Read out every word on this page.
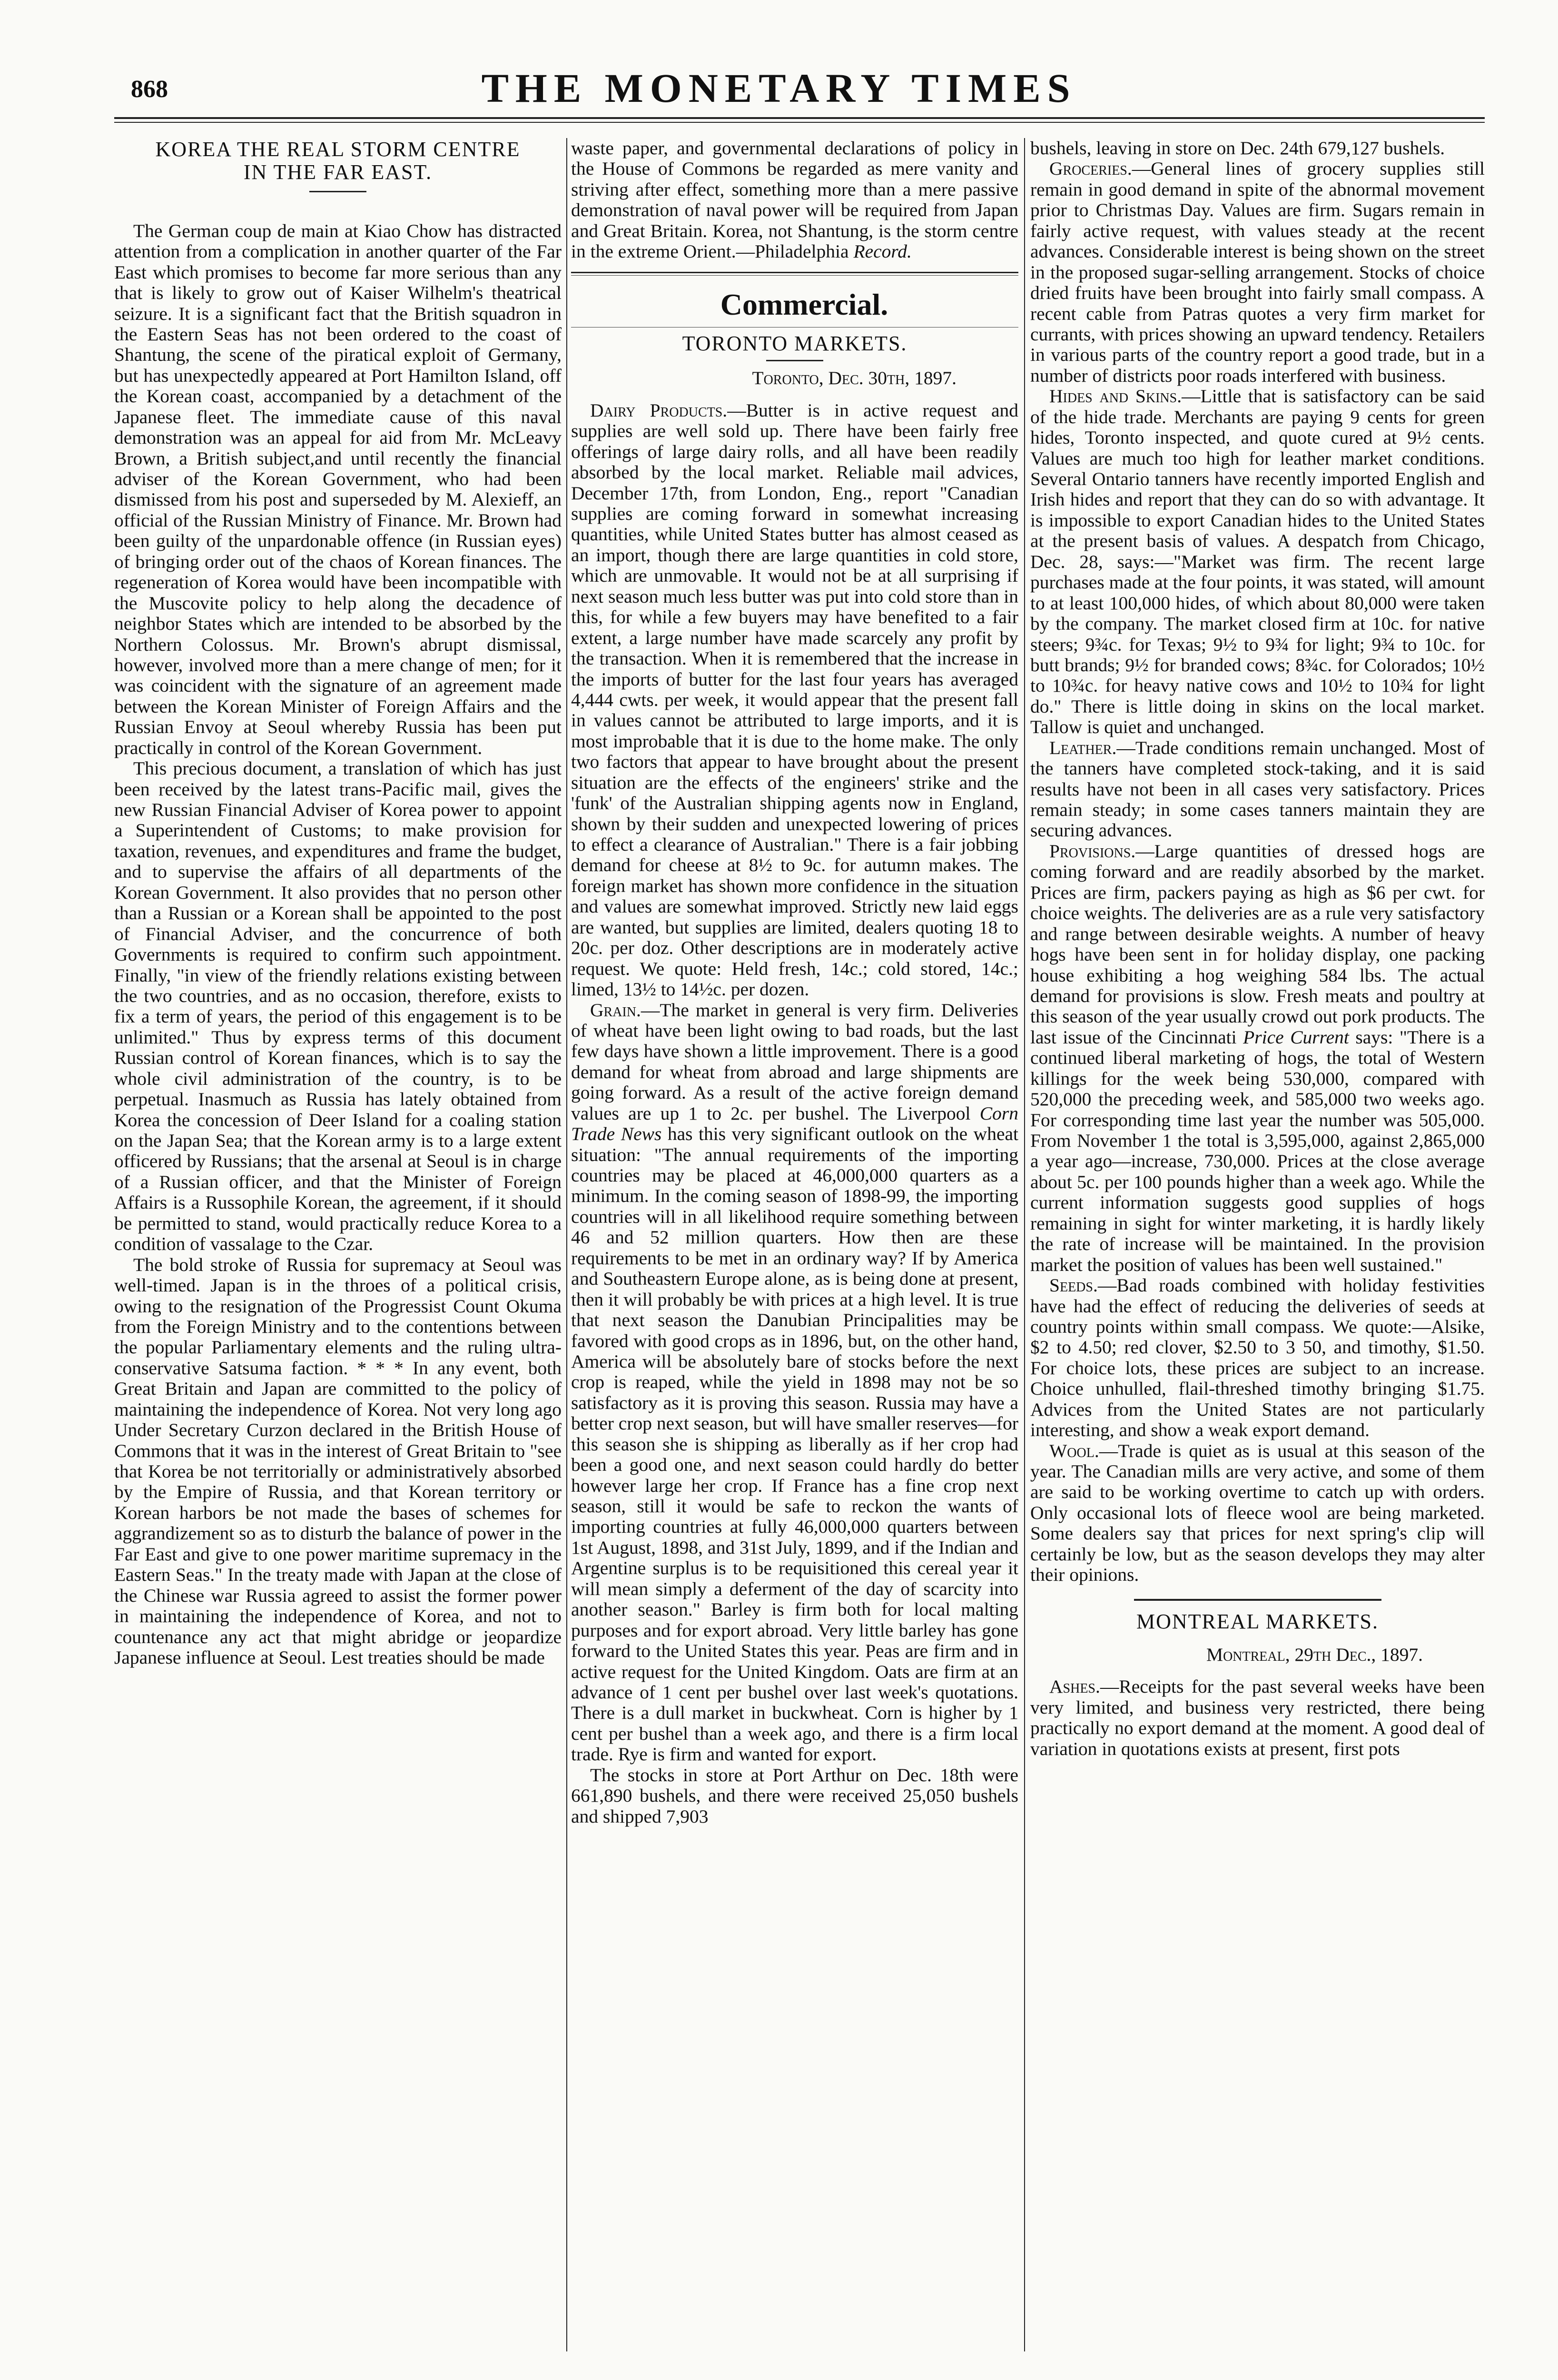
868	THE MONETARY TIMES

KOREA THE REAL STORM CENTRE

IN THE FAR EAST.

The German coup de main at Kiao Chow has distracted attention from a complication in another quarter of the Far East which promises to become far more serious than any that is likely to grow out of Kaiser Wilhelm's theatrical seizure. It is a significant fact that the British squadron in the Eastern Seas has not been ordered to the coast of Shantung, the scene of the piratical exploit of Germany, but has unexpectedly appeared at Port Hamilton Island, off the Korean coast, accompanied by a detachment of the Japanese fleet. The immediate cause of this naval demonstration was an appeal for aid from Mr. McLeavy Brown, a British subject,and until recently the financial adviser of the Korean Government, who had been dismissed from his post and superseded by M. Alexieff, an official of the Russian Ministry of Finance. Mr. Brown had been guilty of the unpardonable offence (in Russian eyes) of bringing order out of the chaos of Korean finances. The regeneration of Korea would have been incompatible with the Muscovite policy to help along the decadence of neighbor States which are intended to be absorbed by the Northern Colossus. Mr. Brown's abrupt dismissal, however, involved more than a mere change of men; for it was coincident with the signature of an agreement made between the Korean Minister of Foreign Affairs and the Russian Envoy at Seoul whereby Russia has been put practically in control of the Korean Government.

This precious document, a translation of which has just been received by the latest trans-Pacific mail, gives the new Russian Financial Adviser of Korea power to appoint a Superintendent of Customs; to make provision for taxation, revenues, and expenditures and frame the budget, and to supervise the affairs of all departments of the Korean Government. It also provides that no person other than a Russian or a Korean shall be appointed to the post of Financial Adviser, and the concurrence of both Governments is required to confirm such appointment. Finally, "in view of the friendly relations existing between the two countries, and as no occasion, therefore, exists to fix a term of years, the period of this engagement is to be unlimited." Thus by express terms of this document Russian control of Korean finances, which is to say the whole civil administration of the country, is to be perpetual. Inasmuch as Russia has lately obtained from Korea the concession of Deer Island for a coaling station on the Japan Sea; that the Korean army is to a large extent officered by Russians; that the arsenal at Seoul is in charge of a Russian officer, and that the Minister of Foreign Affairs is a Russophile Korean, the agreement, if it should be permitted to stand, would practically reduce Korea to a condition of vassalage to the Czar.

The bold stroke of Russia for supremacy at Seoul was well-timed. Japan is in the throes of a political crisis, owing to the resignation of the Progressist Count Okuma from the Foreign Ministry and to the contentions between the popular Parliamentary elements and the ruling ultra-conservative Satsuma faction. * * * In any event, both Great Britain and Japan are committed to the policy of maintaining the independence of Korea. Not very long ago Under Secretary Curzon declared in the British House of Commons that it was in the interest of Great Britain to "see that Korea be not territorially or administratively absorbed by the Empire of Russia, and that Korean territory or Korean harbors be not made the bases of schemes for aggrandizement so as to disturb the balance of power in the Far East and give to one power maritime supremacy in the Eastern Seas." In the treaty made with Japan at the close of the Chinese war Russia agreed to assist the former power in maintaining the independence of Korea, and not to countenance any act that might abridge or jeopardize Japanese influence at Seoul. Lest treaties should be made

waste paper, and governmental declarations of policy in the House of Commons be regarded as mere vanity and striving after effect, something more than a mere passive demonstration of naval power will be required from Japan and Great Britain. Korea, not Shantung, is the storm centre in the extreme Orient.—Philadelphia Record.

Commercial.

TORONTO MARKETS.

Toronto, Dec. 30th, 1897.

Dairy Products.—Butter is in active request and supplies are well sold up. There have been fairly free offerings of large dairy rolls, and all have been readily absorbed by the local market. Reliable mail advices, December 17th, from London, Eng., report "Canadian supplies are coming forward in somewhat increasing quantities, while United States butter has almost ceased as an import, though there are large quantities in cold store, which are unmovable. It would not be at all surprising if next season much less butter was put into cold store than in this, for while a few buyers may have benefited to a fair extent, a large number have made scarcely any profit by the transaction. When it is remembered that the increase in the imports of butter for the last four years has averaged 4,444 cwts. per week, it would appear that the present fall in values cannot be attributed to large imports, and it is most improbable that it is due to the home make. The only two factors that appear to have brought about the present situation are the effects of the engineers' strike and the 'funk' of the Australian shipping agents now in England, shown by their sudden and unexpected lowering of prices to effect a clearance of Australian." There is a fair jobbing demand for cheese at 8½ to 9c. for autumn makes. The foreign market has shown more confidence in the situation and values are somewhat improved. Strictly new laid eggs are wanted, but supplies are limited, dealers quoting 18 to 20c. per doz. Other descriptions are in moderately active request. We quote: Held fresh, 14c.; cold stored, 14c.; limed, 13½ to 14½c. per dozen.

Grain.—The market in general is very firm. Deliveries of wheat have been light owing to bad roads, but the last few days have shown a little improvement. There is a good demand for wheat from abroad and large shipments are going forward. As a result of the active foreign demand values are up 1 to 2c. per bushel. The Liverpool Corn Trade News has this very significant outlook on the wheat situation: "The annual requirements of the importing countries may be placed at 46,000,000 quarters as a minimum. In the coming season of 1898-99, the importing countries will in all likelihood require something between 46 and 52 million quarters. How then are these requirements to be met in an ordinary way? If by America and Southeastern Europe alone, as is being done at present, then it will probably be with prices at a high level. It is true that next season the Danubian Principalities may be favored with good crops as in 1896, but, on the other hand, America will be absolutely bare of stocks before the next crop is reaped, while the yield in 1898 may not be so satisfactory as it is proving this season. Russia may have a better crop next season, but will have smaller reserves—for this season she is shipping as liberally as if her crop had been a good one, and next season could hardly do better however large her crop. If France has a fine crop next season, still it would be safe to reckon the wants of importing countries at fully 46,000,000 quarters between 1st August, 1898, and 31st July, 1899, and if the Indian and Argentine surplus is to be requisitioned this cereal year it will mean simply a deferment of the day of scarcity into another season." Barley is firm both for local malting purposes and for export abroad. Very little barley has gone forward to the United States this year. Peas are firm and in active request for the United Kingdom. Oats are firm at an advance of 1 cent per bushel over last week's quotations. There is a dull market in buckwheat. Corn is higher by 1 cent per bushel than a week ago, and there is a firm local trade. Rye is firm and wanted for export.

The stocks in store at Port Arthur on Dec. 18th were 661,890 bushels, and there were received 25,050 bushels and shipped 7,903

bushels, leaving in store on Dec. 24th 679,127 bushels.

Groceries.—General lines of grocery supplies still remain in good demand in spite of the abnormal movement prior to Christmas Day. Values are firm. Sugars remain in fairly active request, with values steady at the recent advances. Considerable interest is being shown on the street in the proposed sugar-selling arrangement. Stocks of choice dried fruits have been brought into fairly small compass. A recent cable from Patras quotes a very firm market for currants, with prices showing an upward tendency. Retailers in various parts of the country report a good trade, but in a number of districts poor roads interfered with business.

Hides and Skins.—Little that is satisfactory can be said of the hide trade. Merchants are paying 9 cents for green hides, Toronto inspected, and quote cured at 9½ cents. Values are much too high for leather market conditions. Several Ontario tanners have recently imported English and Irish hides and report that they can do so with advantage. It is impossible to export Canadian hides to the United States at the present basis of values. A despatch from Chicago, Dec. 28, says:—"Market was firm. The recent large purchases made at the four points, it was stated, will amount to at least 100,000 hides, of which about 80,000 were taken by the company. The market closed firm at 10c. for native steers; 9¾c. for Texas; 9½ to 9¾ for light; 9¾ to 10c. for butt brands; 9½ for branded cows; 8¾c. for Colorados; 10½ to 10¾c. for heavy native cows and 10½ to 10¾ for light do." There is little doing in skins on the local market. Tallow is quiet and unchanged.

Leather.—Trade conditions remain unchanged. Most of the tanners have completed stock-taking, and it is said results have not been in all cases very satisfactory. Prices remain steady; in some cases tanners maintain they are securing advances.

Provisions.—Large quantities of dressed hogs are coming forward and are readily absorbed by the market. Prices are firm, packers paying as high as $6 per cwt. for choice weights. The deliveries are as a rule very satisfactory and range between desirable weights. A number of heavy hogs have been sent in for holiday display, one packing house exhibiting a hog weighing 584 lbs. The actual demand for provisions is slow. Fresh meats and poultry at this season of the year usually crowd out pork products. The last issue of the Cincinnati Price Current says: "There is a continued liberal marketing of hogs, the total of Western killings for the week being 530,000, compared with 520,000 the preceding week, and 585,000 two weeks ago. For corresponding time last year the number was 505,000. From November 1 the total is 3,595,000, against 2,865,000 a year ago—increase, 730,000. Prices at the close average about 5c. per 100 pounds higher than a week ago. While the current information suggests good supplies of hogs remaining in sight for winter marketing, it is hardly likely the rate of increase will be maintained. In the provision market the position of values has been well sustained."

Seeds.—Bad roads combined with holiday festivities have had the effect of reducing the deliveries of seeds at country points within small compass. We quote:—Alsike, $2 to 4.50; red clover, $2.50 to 3 50, and timothy, $1.50. For choice lots, these prices are subject to an increase. Choice unhulled, flail-threshed timothy bringing $1.75. Advices from the United States are not particularly interesting, and show a weak export demand.

Wool.—Trade is quiet as is usual at this season of the year. The Canadian mills are very active, and some of them are said to be working overtime to catch up with orders. Only occasional lots of fleece wool are being marketed. Some dealers say that prices for next spring's clip will certainly be low, but as the season develops they may alter their opinions.

MONTREAL MARKETS.

Montreal, 29th Dec., 1897.

Ashes.—Receipts for the past several weeks have been very limited, and business very restricted, there being practically no export demand at the moment. A good deal of variation in quotations exists at present, first pots
